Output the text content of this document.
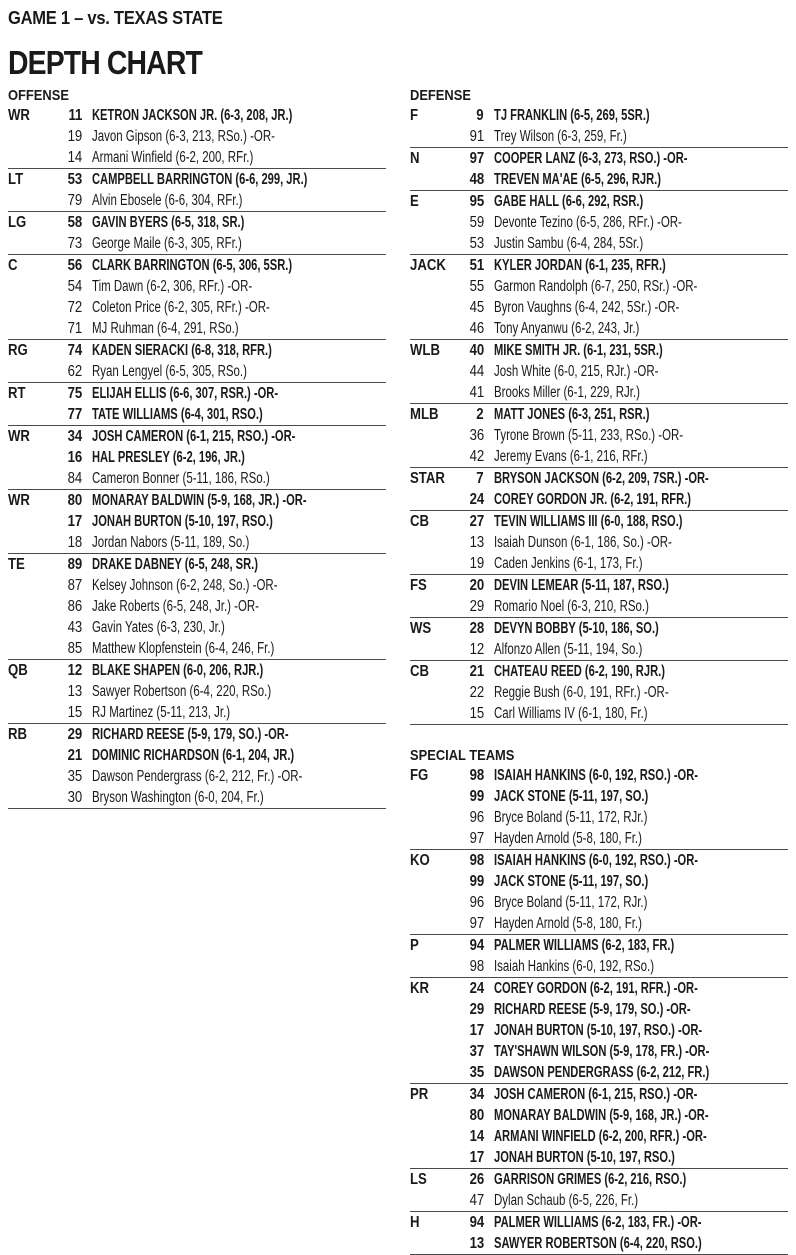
GAME 1 – vs. TEXAS STATE
DEPTH CHART
OFFENSE
WR 11 KETRON JACKSON JR. (6-3, 208, JR.)
19 Javon Gipson (6-3, 213, RSo.) -OR-
14 Armani Winfield (6-2, 200, RFr.)
LT	53 CAMPBELL BARRINGTON (6-6, 299, JR.)
79 Alvin Ebosele (6-6, 304, RFr.)
LG	58 GAVIN BYERS (6-5, 318, SR.)
73 George Maile (6-3, 305, RFr.)
C	56 CLARK BARRINGTON (6-5, 306, 5SR.)
54 Tim Dawn (6-2, 306, RFr.) -OR-
72 Coleton Price (6-2, 305, RFr.) -OR-
71 MJ Ruhman (6-4, 291, RSo.)
RG	74 KADEN SIERACKI (6-8, 318, RFR.)
62 Ryan Lengyel (6-5, 305, RSo.)
RT	75 ELIJAH ELLIS (6-6, 307, RSR.) -OR-
77 TATE WILLIAMS (6-4, 301, RSO.)
WR 34 JOSH CAMERON (6-1, 215, RSO.) -OR-
16 HAL PRESLEY (6-2, 196, JR.)
84 Cameron Bonner (5-11, 186, RSo.)
WR 80 MONARAY BALDWIN (5-9, 168, JR.) -OR-
17 JONAH BURTON (5-10, 197, RSO.)
18 Jordan Nabors (5-11, 189, So.)
TE	89 DRAKE DABNEY (6-5, 248, SR.)
87 Kelsey Johnson (6-2, 248, So.) -OR-
86 Jake Roberts (6-5, 248, Jr.) -OR-
43 Gavin Yates (6-3, 230, Jr.)
85 Matthew Klopfenstein (6-4, 246, Fr.)
QB	12 BLAKE SHAPEN (6-0, 206, RJR.)
13 Sawyer Robertson (6-4, 220, RSo.)
15 RJ Martinez (5-11, 213, Jr.)
RB	29 RICHARD REESE (5-9, 179, SO.) -OR-
21 DOMINIC RICHARDSON (6-1, 204, JR.)
35 Dawson Pendergrass (6-2, 212, Fr.) -OR-
30 Bryson Washington (6-0, 204, Fr.)
DEFENSE
F	9 TJ FRANKLIN (6-5, 269, 5SR.)
91 Trey Wilson (6-3, 259, Fr.)
N	97 COOPER LANZ (6-3, 273, RSO.) -OR-
48 TREVEN MA'AE (6-5, 296, RJR.)
E	95 GABE HALL (6-6, 292, RSR.)
59 Devonte Tezino (6-5, 286, RFr.) -OR-
53 Justin Sambu (6-4, 284, 5Sr.)
JACK 51 KYLER JORDAN (6-1, 235, RFR.)
55 Garmon Randolph (6-7, 250, RSr.) -OR-
45 Byron Vaughns (6-4, 242, 5Sr.) -OR-
46 Tony Anyanwu (6-2, 243, Jr.)
WLB 40 MIKE SMITH JR. (6-1, 231, 5SR.)
44 Josh White (6-0, 215, RJr.) -OR-
41 Brooks Miller (6-1, 229, RJr.)
MLB 2 MATT JONES (6-3, 251, RSR.)
36 Tyrone Brown (5-11, 233, RSo.) -OR-
42 Jeremy Evans (6-1, 216, RFr.)
STAR 7 BRYSON JACKSON (6-2, 209, 7SR.) -OR-
24 COREY GORDON JR. (6-2, 191, RFR.)
CB	27 TEVIN WILLIAMS III (6-0, 188, RSO.)
13 Isaiah Dunson (6-1, 186, So.) -OR-
19 Caden Jenkins (6-1, 173, Fr.)
FS	20 DEVIN LEMEAR (5-11, 187, RSO.)
29 Romario Noel (6-3, 210, RSo.)
WS 28 DEVYN BOBBY (5-10, 186, SO.)
12 Alfonzo Allen (5-11, 194, So.)
CB	21 CHATEAU REED (6-2, 190, RJR.)
22 Reggie Bush (6-0, 191, RFr.) -OR-
15 Carl Williams IV (6-1, 180, Fr.)
SPECIAL TEAMS
FG	98 ISAIAH HANKINS (6-0, 192, RSO.) -OR-
99 JACK STONE (5-11, 197, SO.)
96 Bryce Boland (5-11, 172, RJr.)
97 Hayden Arnold (5-8, 180, Fr.)
KO	98 ISAIAH HANKINS (6-0, 192, RSO.) -OR-
99 JACK STONE (5-11, 197, SO.)
96 Bryce Boland (5-11, 172, RJr.)
97 Hayden Arnold (5-8, 180, Fr.)
P	94 PALMER WILLIAMS (6-2, 183, FR.)
98 Isaiah Hankins (6-0, 192, RSo.)
KR	24 COREY GORDON (6-2, 191, RFR.) -OR-
29 RICHARD REESE (5-9, 179, SO.) -OR-
17 JONAH BURTON (5-10, 197, RSO.) -OR-
37 TAY'SHAWN WILSON (5-9, 178, FR.) -OR-
35 DAWSON PENDERGRASS (6-2, 212, FR.)
PR	34 JOSH CAMERON (6-1, 215, RSO.) -OR-
80 MONARAY BALDWIN (5-9, 168, JR.) -OR-
14 ARMANI WINFIELD (6-2, 200, RFR.) -OR-
17 JONAH BURTON (5-10, 197, RSO.)
LS	26 GARRISON GRIMES (6-2, 216, RSO.)
47 Dylan Schaub (6-5, 226, Fr.)
H	94 PALMER WILLIAMS (6-2, 183, FR.) -OR-
13 SAWYER ROBERTSON (6-4, 220, RSO.)
